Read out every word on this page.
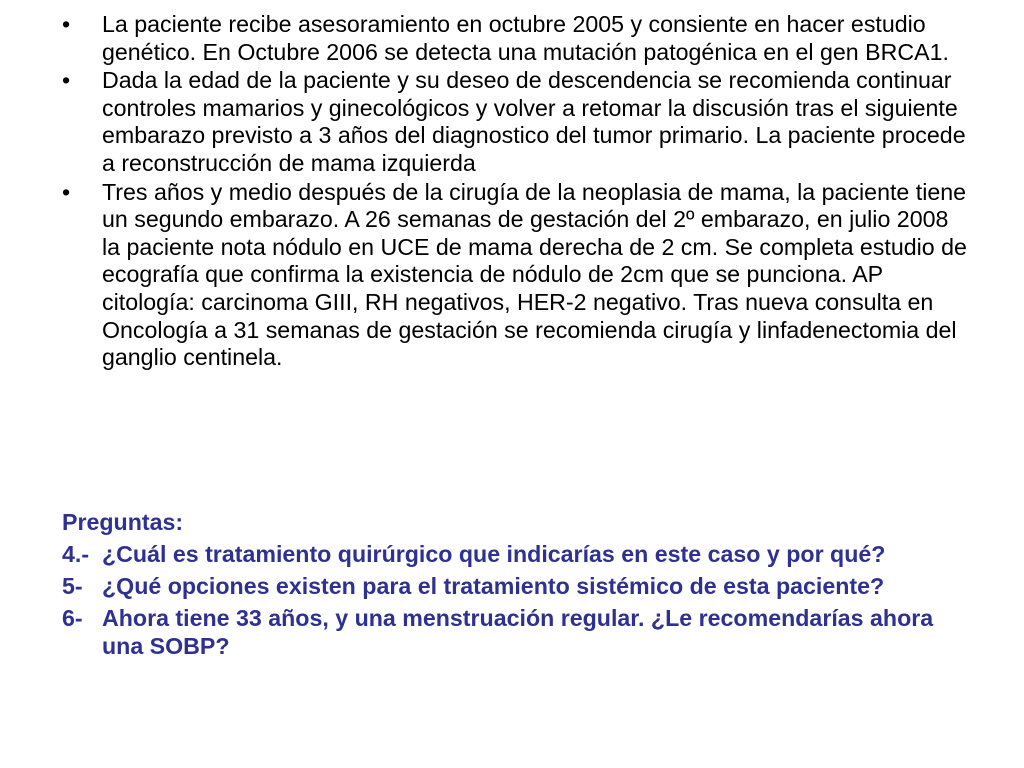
•	La paciente recibe asesoramiento en octubre 2005 y consiente en hacer estudio genético. En Octubre 2006 se detecta una mutación patogénica en el gen BRCA1.
•	Dada la edad de la paciente y su deseo de descendencia se recomienda continuar controles mamarios y ginecológicos y volver a retomar la discusión tras el siguiente embarazo previsto a 3 años del diagnostico del tumor primario. La paciente procede a reconstrucción de mama izquierda
•	Tres años y medio después de la cirugía de la neoplasia de mama, la paciente tiene un segundo embarazo. A 26 semanas de gestación del 2º embarazo, en julio 2008 la paciente nota nódulo en UCE de mama derecha de 2 cm. Se completa estudio de ecografía que confirma la existencia de nódulo de 2cm que se punciona. AP citología: carcinoma GIII, RH negativos, HER-2 negativo. Tras nueva consulta en Oncología a 31 semanas de gestación se recomienda cirugía y linfadenectomia del ganglio centinela.
Preguntas:
4.- ¿Cuál es tratamiento quirúrgico que indicarías en este caso y por qué?
5- ¿Qué opciones existen para el tratamiento sistémico de esta paciente?
6- Ahora tiene 33 años, y una menstruación regular. ¿Le recomendarías ahora una SOBP?
